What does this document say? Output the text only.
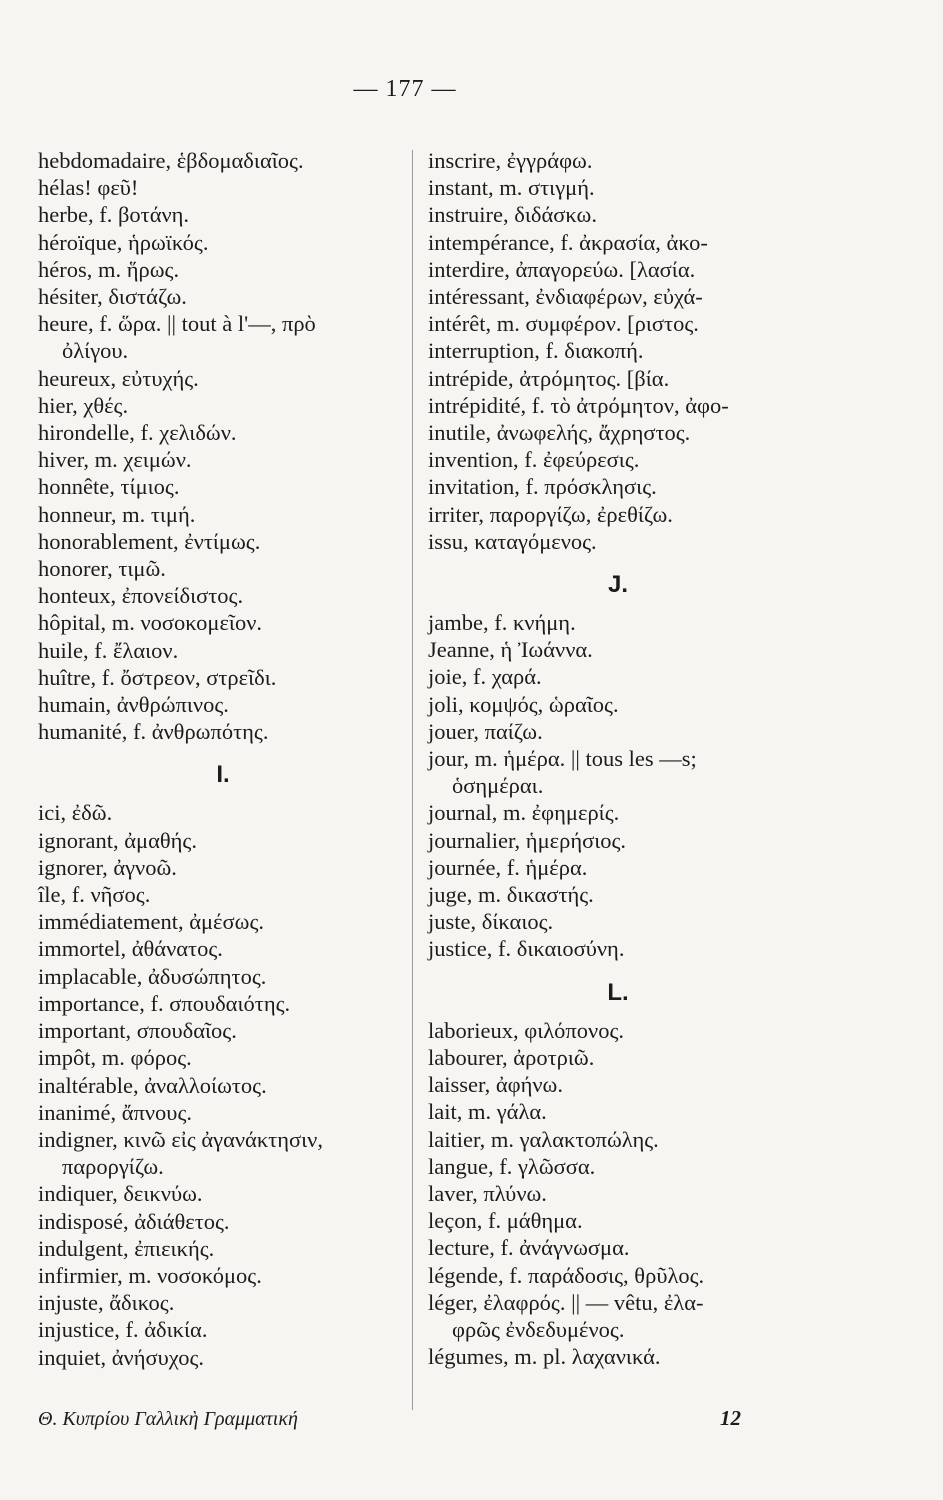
— 177 —
hebdomadaire, ἑβδομαδιαῖος.
hélas! φεῦ!
herbe, f. βοτάνη.
héroïque, ἡρωϊκός.
héros, m. ἥρως.
hésiter, διστάζω.
heure, f. ὥρα. || tout à l'—, πρὸ
ὀλίγου.
heureux, εὐτυχής.
hier, χθές.
hirondelle, f. χελιδών.
hiver, m. χειμών.
honnête, τίμιος.
honneur, m. τιμή.
honorablement, ἐντίμως.
honorer, τιμῶ.
honteux, ἐπονείδιστος.
hôpital, m. νοσοκομεῖον.
huile, f. ἔλαιον.
huître, f. ὄστρεον, στρεῖδι.
humain, ἀνθρώπινος.
humanité, f. ἀνθρωπότης.
I.
ici, ἐδῶ.
ignorant, ἀμαθής.
ignorer, ἀγνοῶ.
île, f. νῆσος.
immédiatement, ἀμέσως.
immortel, ἀθάνατος.
implacable, ἀδυσώπητος.
importance, f. σπουδαιότης.
important, σπουδαῖος.
impôt, m. φόρος.
inaltérable, ἀναλλοίωτος.
inanimé, ἄπνους.
indigner, κινῶ εἰς ἀγανάκτησιν,
παροργίζω.
indiquer, δεικνύω.
indisposé, ἀδιάθετος.
indulgent, ἐπιεικής.
infirmier, m. νοσοκόμος.
injuste, ἄδικος.
injustice, f. ἀδικία.
inquiet, ἀνήσυχος.
inscrire, ἐγγράφω.
instant, m. στιγμή.
instruire, διδάσκω.
intempérance, f. ἀκρασία, ἀκο-
interdire, ἀπαγορεύω. [λασία.
intéressant, ἐνδιαφέρων, εὐχά-
intérêt, m. συμφέρον. [ριστος.
interruption, f. διακοπή.
intrépide, ἀτρόμητος. [βία.
intrépidité, f. τὸ ἀτρόμητον, ἀφο-
inutile, ἀνωφελής, ἄχρηστος.
invention, f. ἐφεύρεσις.
invitation, f. πρόσκλησις.
irriter, παροργίζω, ἐρεθίζω.
issu, καταγόμενος.
J.
jambe, f. κνήμη.
Jeanne, ἡ Ἰωάννα.
joie, f. χαρά.
joli, κομψός, ὡραῖος.
jouer, παίζω.
jour, m. ἡμέρα. || tous les —s;
ὁσημέραι.
journal, m. ἐφημερίς.
journalier, ἡμερήσιος.
journée, f. ἡμέρα.
juge, m. δικαστής.
juste, δίκαιος.
justice, f. δικαιοσύνη.
L.
laborieux, φιλόπονος.
labourer, ἀροτριῶ.
laisser, ἀφήνω.
lait, m. γάλα.
laitier, m. γαλακτοπώλης.
langue, f. γλῶσσα.
laver, πλύνω.
leçon, f. μάθημα.
lecture, f. ἀνάγνωσμα.
légende, f. παράδοσις, θρῦλος.
léger, ἐλαφρός. || — vêtu, ἐλα-
φρῶς ἐνδεδυμένος.
légumes, m. pl. λαχανικά.
Θ. Κυπρίου Γαλλικὴ Γραμματική	12
